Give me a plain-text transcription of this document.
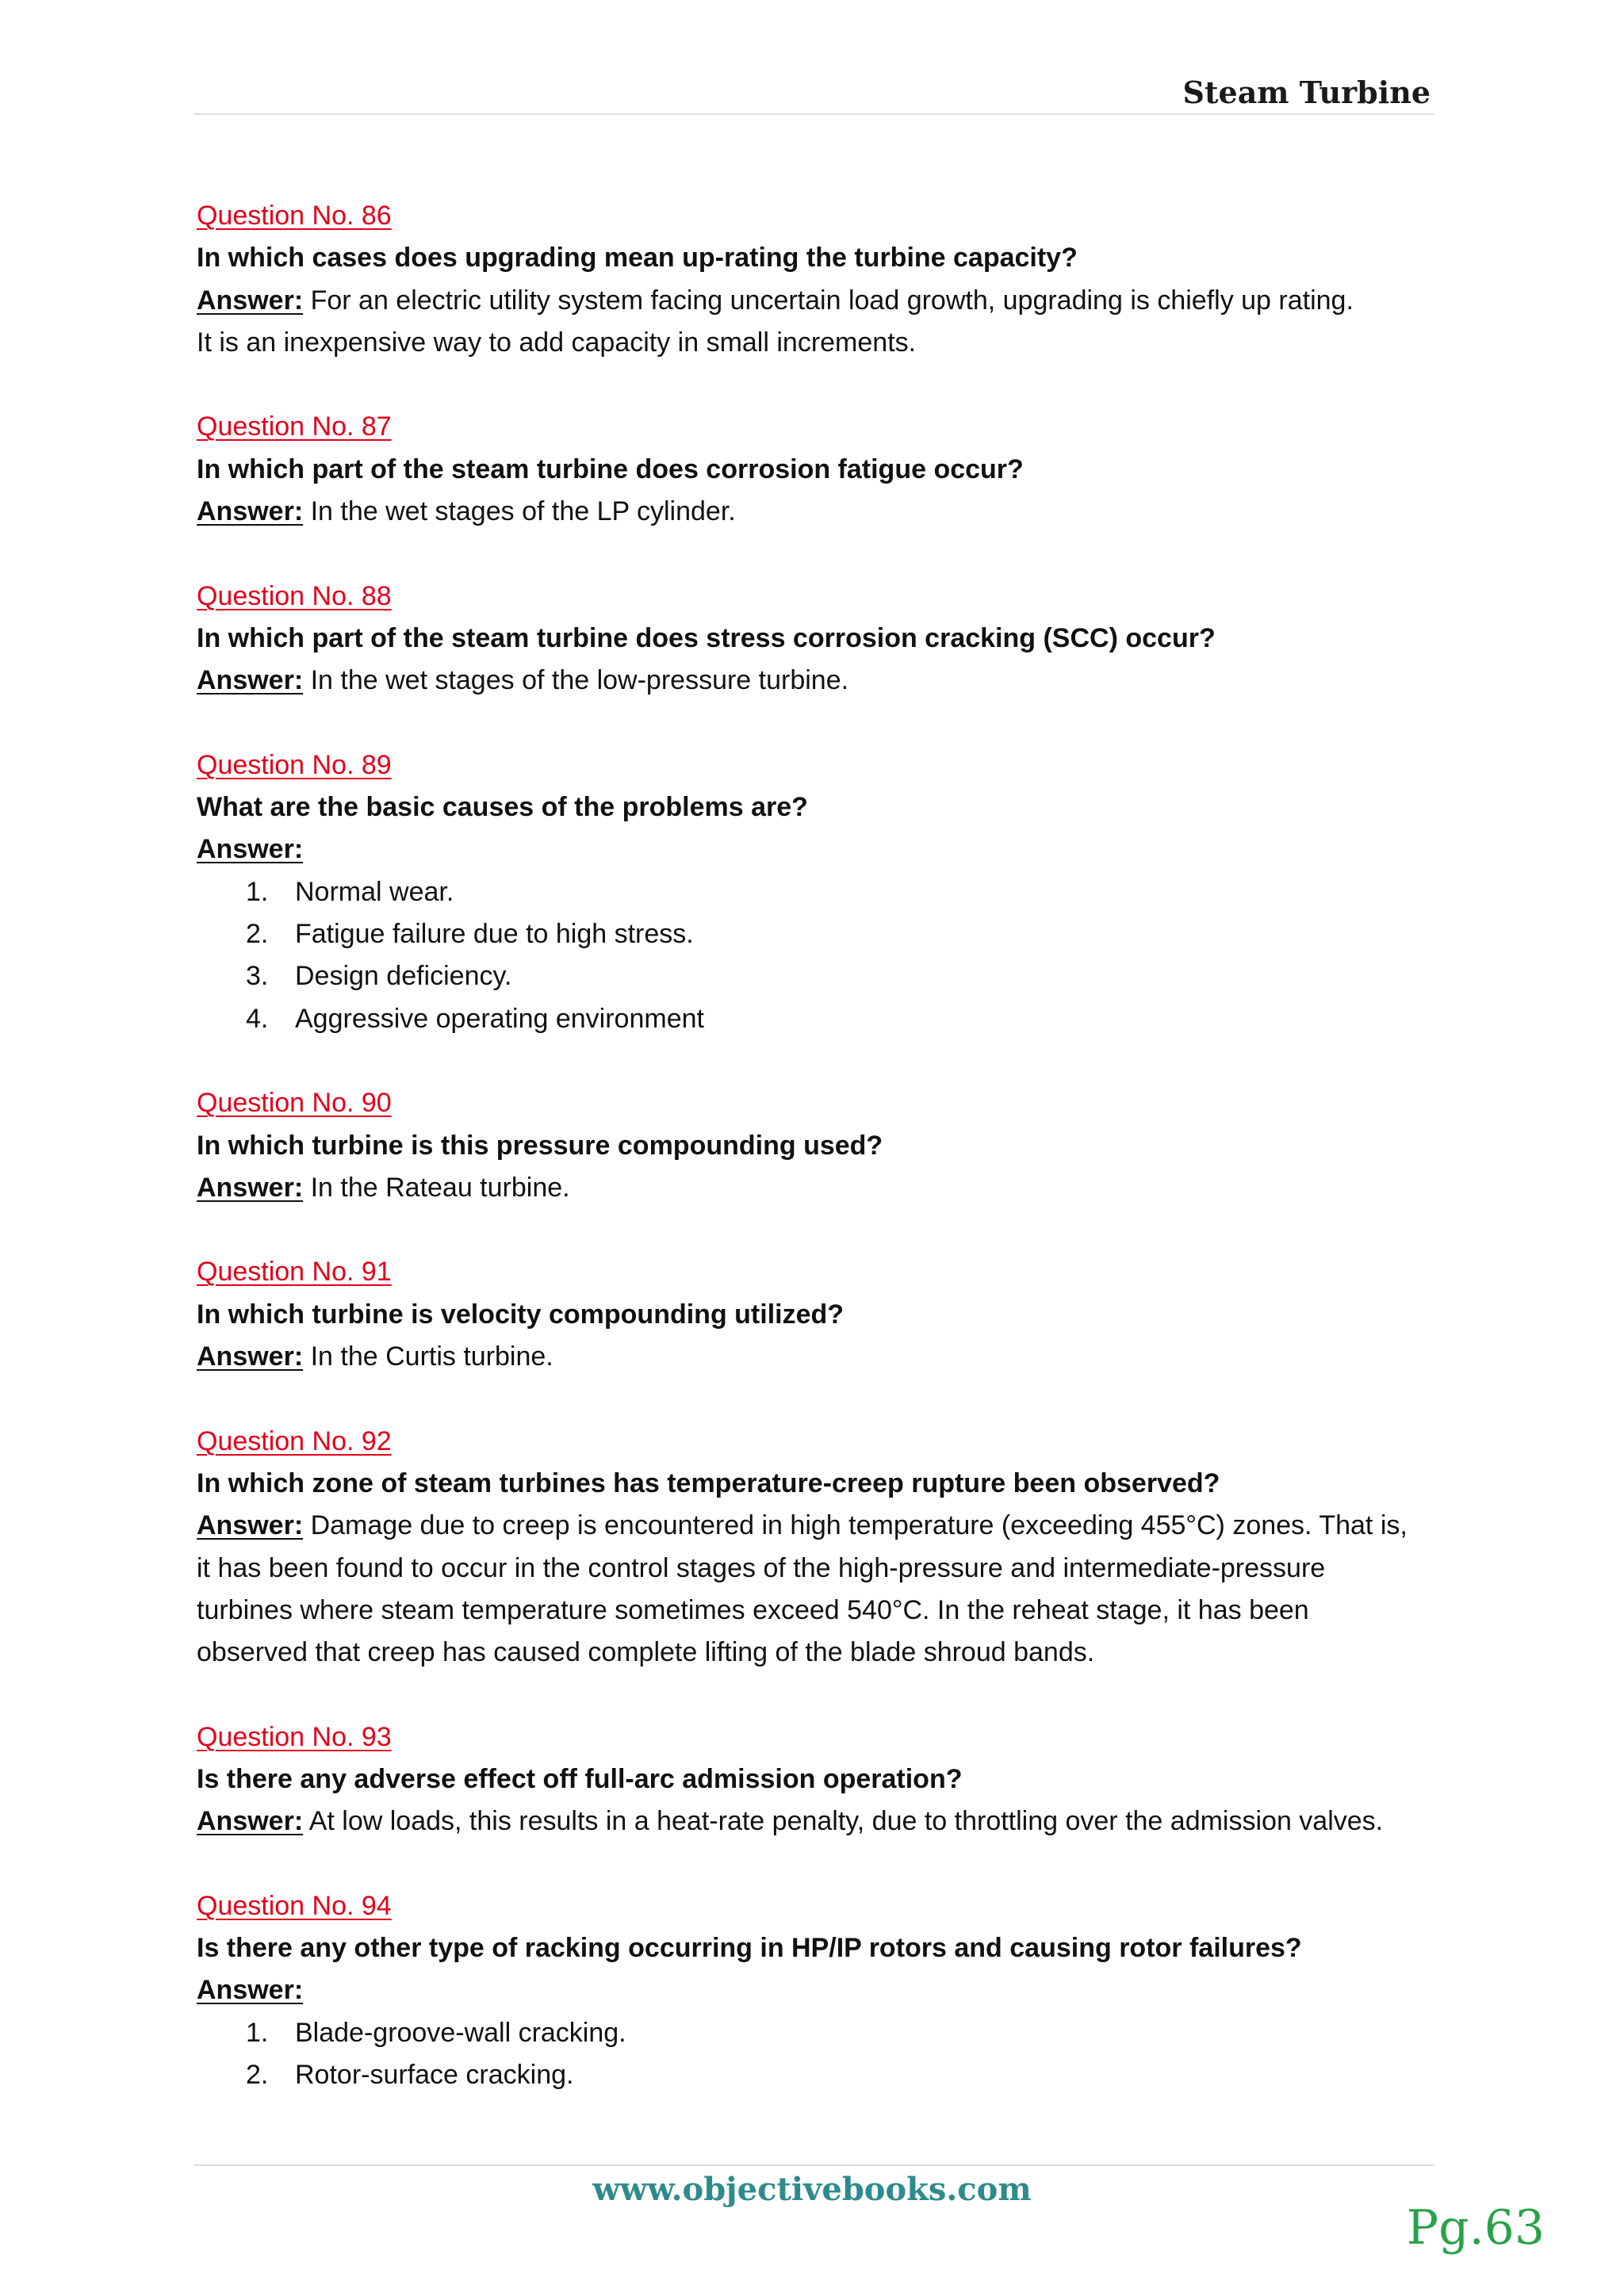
Steam Turbine
Question No. 86
In which cases does upgrading mean up-rating the turbine capacity?
Answer: For an electric utility system facing uncertain load growth, upgrading is chiefly up rating.
It is an inexpensive way to add capacity in small increments.
Question No. 87
In which part of the steam turbine does corrosion fatigue occur?
Answer: In the wet stages of the LP cylinder.
Question No. 88
In which part of the steam turbine does stress corrosion cracking (SCC) occur?
Answer: In the wet stages of the low-pressure turbine.
Question No. 89
What are the basic causes of the problems are?
Answer:
1. Normal wear.
2. Fatigue failure due to high stress.
3. Design deficiency.
4. Aggressive operating environment
Question No. 90
In which turbine is this pressure compounding used?
Answer: In the Rateau turbine.
Question No. 91
In which turbine is velocity compounding utilized?
Answer: In the Curtis turbine.
Question No. 92
In which zone of steam turbines has temperature-creep rupture been observed?
Answer: Damage due to creep is encountered in high temperature (exceeding 455°C) zones. That is,
it has been found to occur in the control stages of the high-pressure and intermediate-pressure
turbines where steam temperature sometimes exceed 540°C. In the reheat stage, it has been
observed that creep has caused complete lifting of the blade shroud bands.
Question No. 93
Is there any adverse effect off full-arc admission operation?
Answer: At low loads, this results in a heat-rate penalty, due to throttling over the admission valves.
Question No. 94
Is there any other type of racking occurring in HP/IP rotors and causing rotor failures?
Answer:
1. Blade-groove-wall cracking.
2. Rotor-surface cracking.
www.objectivebooks.com
Pg.63
